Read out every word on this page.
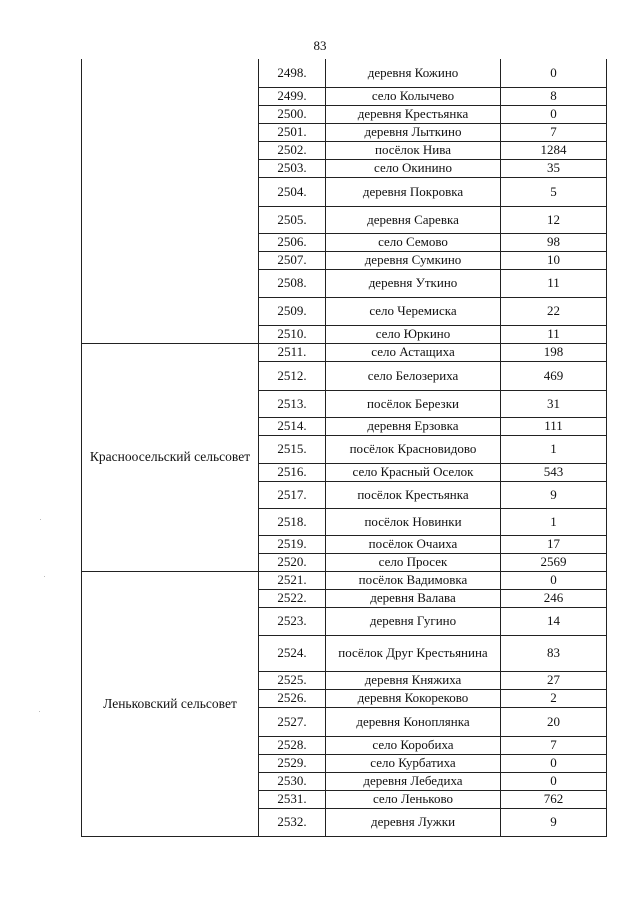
83
	2498.	деревня Кожино	0
	2499.	село Колычево	8
	2500.	деревня Крестьянка	0
	2501.	деревня Лыткино	7
	2502.	посёлок Нива	1284
	2503.	село Окинино	35
	2504.	деревня Покровка	5
	2505.	деревня Саревка	12
	2506.	село Семово	98
	2507.	деревня Сумкино	10
	2508.	деревня Уткино	11
	2509.	село Черемиска	22
	2510.	село Юркино	11
Красноосельский сельсовет	2511.	село Астащиха	198
	2512.	село Белозериха	469
	2513.	посёлок Березки	31
	2514.	деревня Ерзовка	111
	2515.	посёлок Красновидово	1
	2516.	село Красный Оселок	543
	2517.	посёлок Крестьянка	9
	2518.	посёлок Новинки	1
	2519.	посёлок Очаиха	17
	2520.	село Просек	2569
Леньковский сельсовет	2521.	посёлок Вадимовка	0
	2522.	деревня Валава	246
	2523.	деревня Гугино	14
	2524.	посёлок Друг Крестьянина	83
	2525.	деревня Княжиха	27
	2526.	деревня Кокореково	2
	2527.	деревня Коноплянка	20
	2528.	село Коробиха	7
	2529.	село Курбатиха	0
	2530.	деревня Лебедиха	0
	2531.	село Леньково	762
	2532.	деревня Лужки	9
